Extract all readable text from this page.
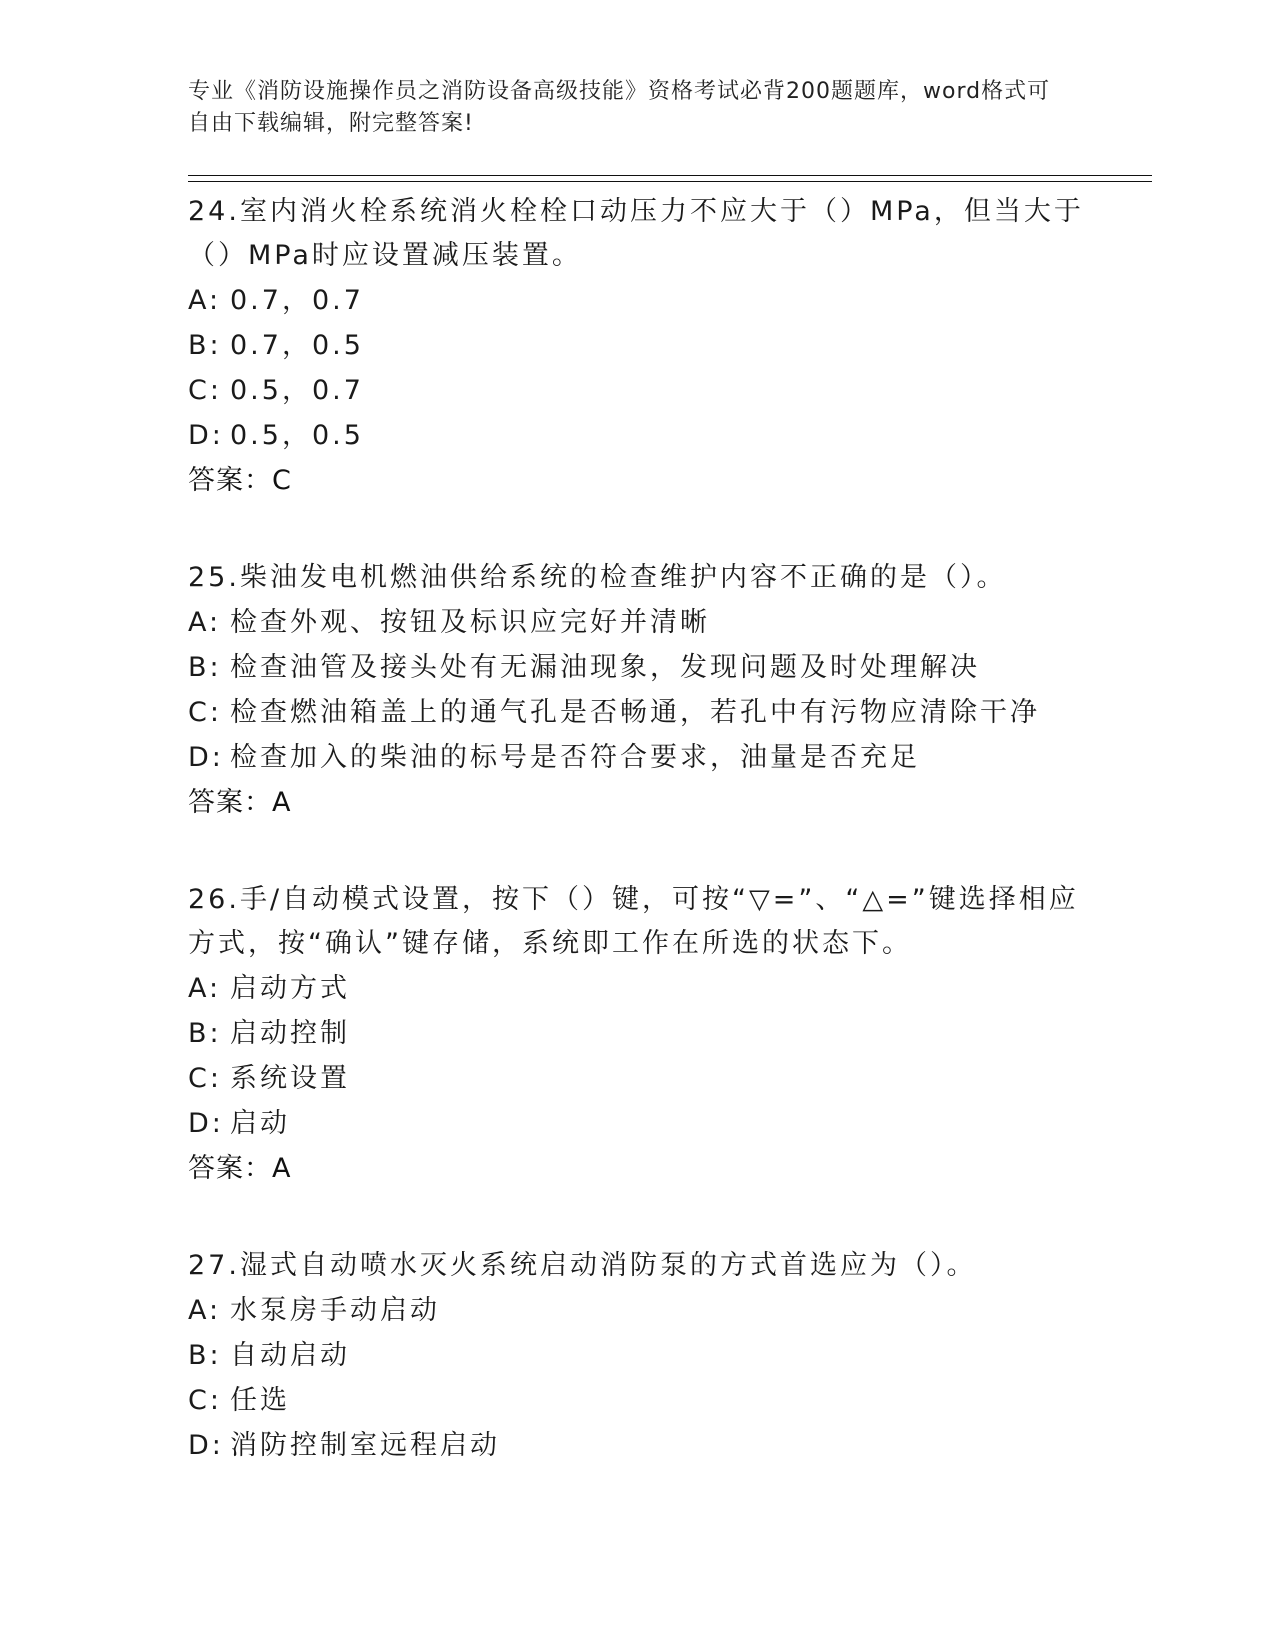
专业《消防设施操作员之消防设备高级技能》资格考试必背200题题库，word格式可自由下载编辑，附完整答案!

24.室内消火栓系统消火栓栓口动压力不应大于（）MPa，但当大于（）MPa时应设置减压装置。

A: 0.7，0.7

B: 0.7，0.5

C: 0.5，0.7

D: 0.5，0.5

答案：C

25.柴油发电机燃油供给系统的检查维护内容不正确的是（）。

A: 检查外观、按钮及标识应完好并清晰

B: 检查油管及接头处有无漏油现象，发现问题及时处理解决

C: 检查燃油箱盖上的通气孔是否畅通，若孔中有污物应清除干净

D: 检查加入的柴油的标号是否符合要求，油量是否充足

答案：A

26.手/自动模式设置，按下（）键，可按“▽=”、“△=”键选择相应方式，按“确认”键存储，系统即工作在所选的状态下。

A: 启动方式

B: 启动控制

C: 系统设置

D: 启动

答案：A

27.湿式自动喷水灭火系统启动消防泵的方式首选应为（）。

A: 水泵房手动启动

B: 自动启动

C: 任选

D: 消防控制室远程启动
